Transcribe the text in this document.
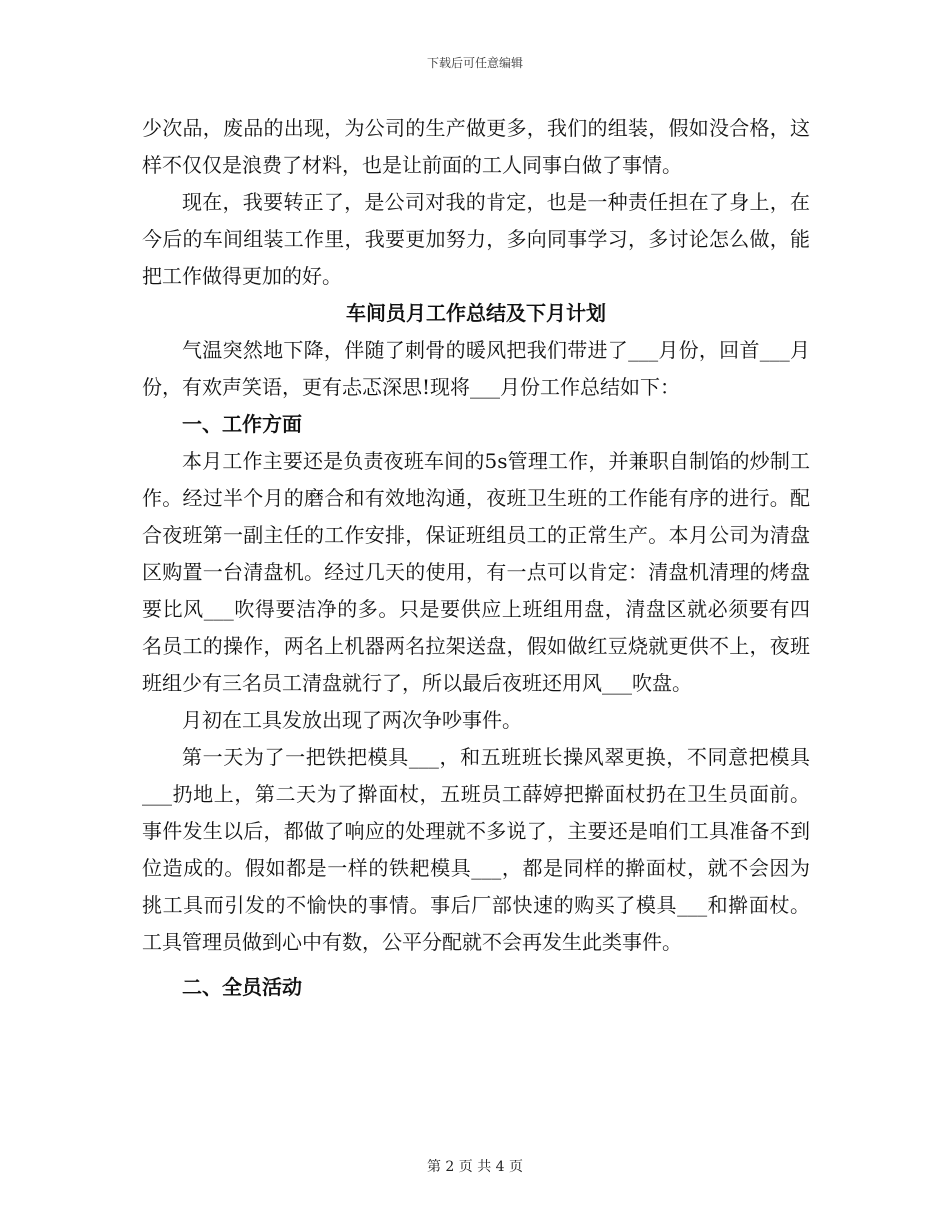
下载后可任意编辑

少次品，废品的出现，为公司的生产做更多，我们的组装，假如没合格，这样不仅仅是浪费了材料，也是让前面的工人同事白做了事情。

现在，我要转正了，是公司对我的肯定，也是一种责任担在了身上，在今后的车间组装工作里，我要更加努力，多向同事学习，多讨论怎么做，能把工作做得更加的好。

车间员月工作总结及下月计划

气温突然地下降，伴随了刺骨的暖风把我们带进了___月份，回首___月份，有欢声笑语，更有忐忑深思!现将___月份工作总结如下：

一、工作方面

本月工作主要还是负责夜班车间的5s管理工作，并兼职自制馅的炒制工作。经过半个月的磨合和有效地沟通，夜班卫生班的工作能有序的进行。配合夜班第一副主任的工作安排，保证班组员工的正常生产。本月公司为清盘区购置一台清盘机。经过几天的使用，有一点可以肯定：清盘机清理的烤盘要比风___吹得要洁净的多。只是要供应上班组用盘，清盘区就必须要有四名员工的操作，两名上机器两名拉架送盘，假如做红豆烧就更供不上，夜班班组少有三名员工清盘就行了，所以最后夜班还用风___吹盘。

月初在工具发放出现了两次争吵事件。

第一天为了一把铁把模具___，和五班班长操风翠更换，不同意把模具___扔地上，第二天为了擀面杖，五班员工薛婷把擀面杖扔在卫生员面前。事件发生以后，都做了响应的处理就不多说了，主要还是咱们工具准备不到位造成的。假如都是一样的铁耙模具___，都是同样的擀面杖，就不会因为挑工具而引发的不愉快的事情。事后厂部快速的购买了模具___和擀面杖。工具管理员做到心中有数，公平分配就不会再发生此类事件。

二、全员活动

第 2 页 共 4 页
